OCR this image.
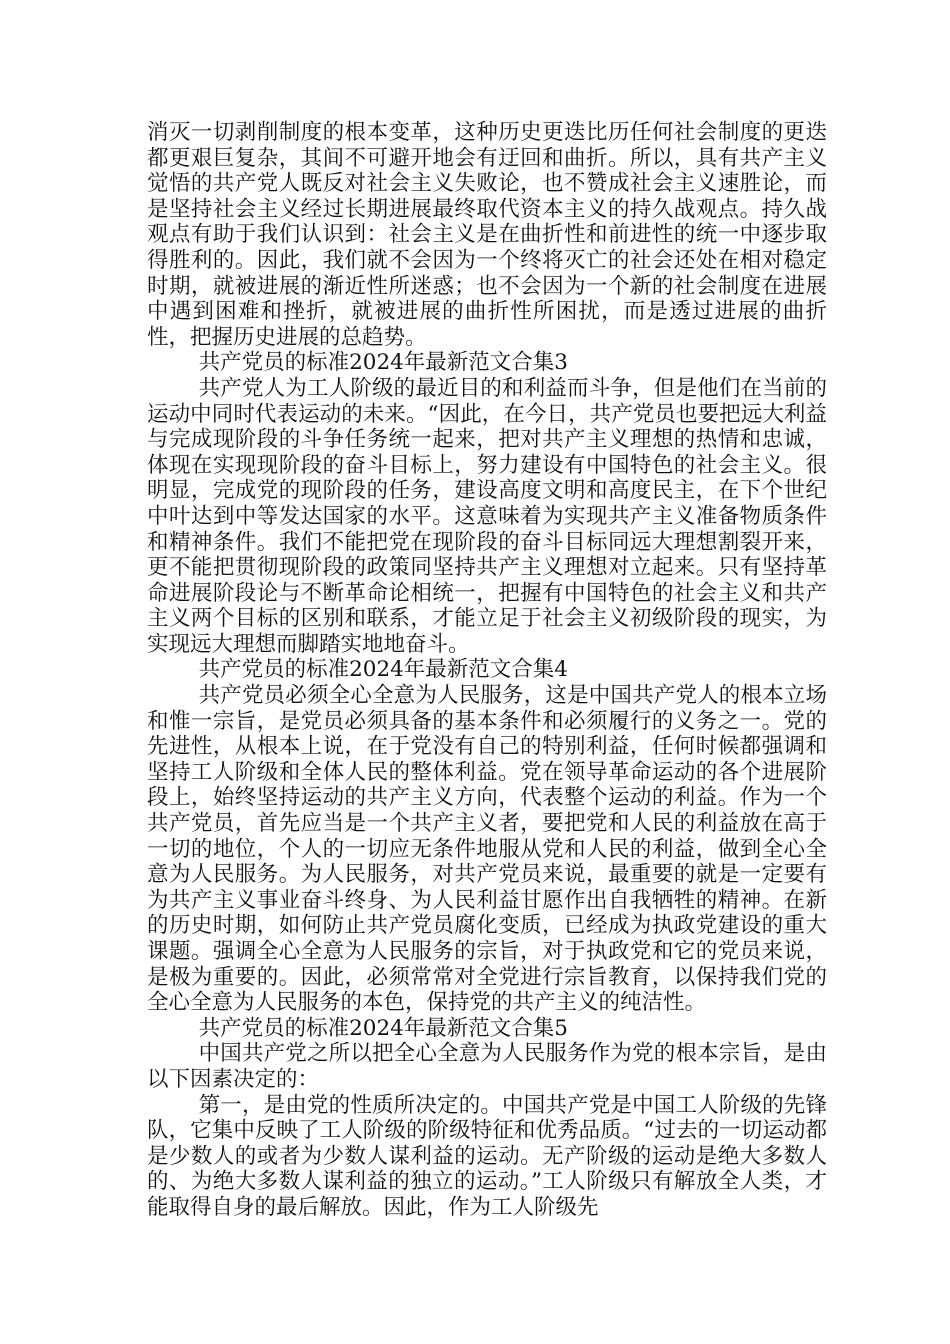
消灭一切剥削制度的根本变革，这种历史更迭比历任何社会制度的更迭都更艰巨复杂，其间不可避开地会有迂回和曲折。所以，具有共产主义觉悟的共产党人既反对社会主义失败论，也不赞成社会主义速胜论，而是坚持社会主义经过长期进展最终取代资本主义的持久战观点。持久战观点有助于我们认识到：社会主义是在曲折性和前进性的统一中逐步取得胜利的。因此，我们就不会因为一个终将灭亡的社会还处在相对稳定时期，就被进展的渐近性所迷惑；也不会因为一个新的社会制度在进展中遇到困难和挫折，就被进展的曲折性所困扰，而是透过进展的曲折性，把握历史进展的总趋势。

共产党员的标准2024年最新范文合集3

共产党人为工人阶级的最近目的和利益而斗争，但是他们在当前的运动中同时代表运动的未来。“因此，在今日，共产党员也要把远大利益与完成现阶段的斗争任务统一起来，把对共产主义理想的热情和忠诚，体现在实现现阶段的奋斗目标上，努力建设有中国特色的社会主义。很明显，完成党的现阶段的任务，建设高度文明和高度民主，在下个世纪中叶达到中等发达国家的水平。这意味着为实现共产主义准备物质条件和精神条件。我们不能把党在现阶段的奋斗目标同远大理想割裂开来，更不能把贯彻现阶段的政策同坚持共产主义理想对立起来。只有坚持革命进展阶段论与不断革命论相统一，把握有中国特色的社会主义和共产主义两个目标的区别和联系，才能立足于社会主义初级阶段的现实，为实现远大理想而脚踏实地地奋斗。

共产党员的标准2024年最新范文合集4

共产党员必须全心全意为人民服务，这是中国共产党人的根本立场和惟一宗旨，是党员必须具备的基本条件和必须履行的义务之一。党的先进性，从根本上说，在于党没有自己的特别利益，任何时候都强调和坚持工人阶级和全体人民的整体利益。党在领导革命运动的各个进展阶段上，始终坚持运动的共产主义方向，代表整个运动的利益。作为一个共产党员，首先应当是一个共产主义者，要把党和人民的利益放在高于一切的地位，个人的一切应无条件地服从党和人民的利益，做到全心全意为人民服务。为人民服务，对共产党员来说，最重要的就是一定要有为共产主义事业奋斗终身、为人民利益甘愿作出自我牺牲的精神。在新的历史时期，如何防止共产党员腐化变质，已经成为执政党建设的重大课题。强调全心全意为人民服务的宗旨，对于执政党和它的党员来说，是极为重要的。因此，必须常常对全党进行宗旨教育，以保持我们党的全心全意为人民服务的本色，保持党的共产主义的纯洁性。

共产党员的标准2024年最新范文合集5

中国共产党之所以把全心全意为人民服务作为党的根本宗旨，是由以下因素决定的：

第一，是由党的性质所决定的。中国共产党是中国工人阶级的先锋队，它集中反映了工人阶级的阶级特征和优秀品质。“过去的一切运动都是少数人的或者为少数人谋利益的运动。无产阶级的运动是绝大多数人的、为绝大多数人谋利益的独立的运动。”工人阶级只有解放全人类，才能取得自身的最后解放。因此，作为工人阶级先
